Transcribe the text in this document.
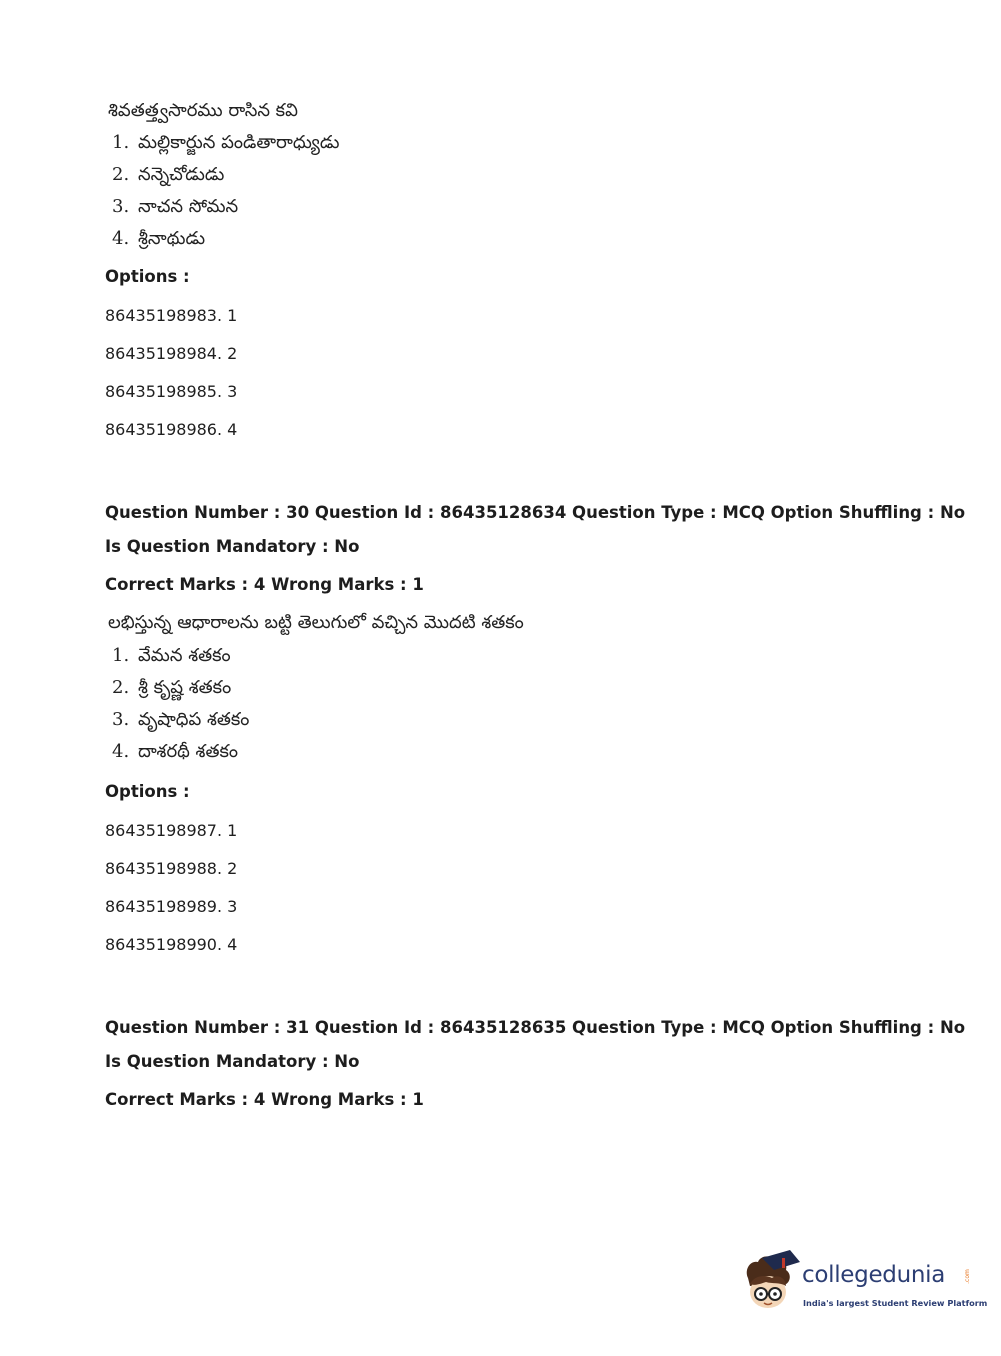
శివతత్త్వసారము రాసిన కవి
1. మల్లికార్జున పండితారాధ్యుడు
2. నన్నెచోడుడు
3. నాచన సోమన
4. శ్రీనాథుడు
Options :
86435198983. 1
86435198984. 2
86435198985. 3
86435198986. 4
Question Number : 30 Question Id : 86435128634 Question Type : MCQ Option Shuffling : No
Is Question Mandatory : No
Correct Marks : 4 Wrong Marks : 1
లభిస్తున్న ఆధారాలను బట్టి తెలుగులో వచ్చిన మొదటి శతకం
1. వేమన శతకం
2. శ్రీ కృష్ణ శతకం
3. వృషాధిప శతకం
4. దాశరథీ శతకం
Options :
86435198987. 1
86435198988. 2
86435198989. 3
86435198990. 4
Question Number : 31 Question Id : 86435128635 Question Type : MCQ Option Shuffling : No
Is Question Mandatory : No
Correct Marks : 4 Wrong Marks : 1
collegedunia	.com
India's largest Student Review Platform
